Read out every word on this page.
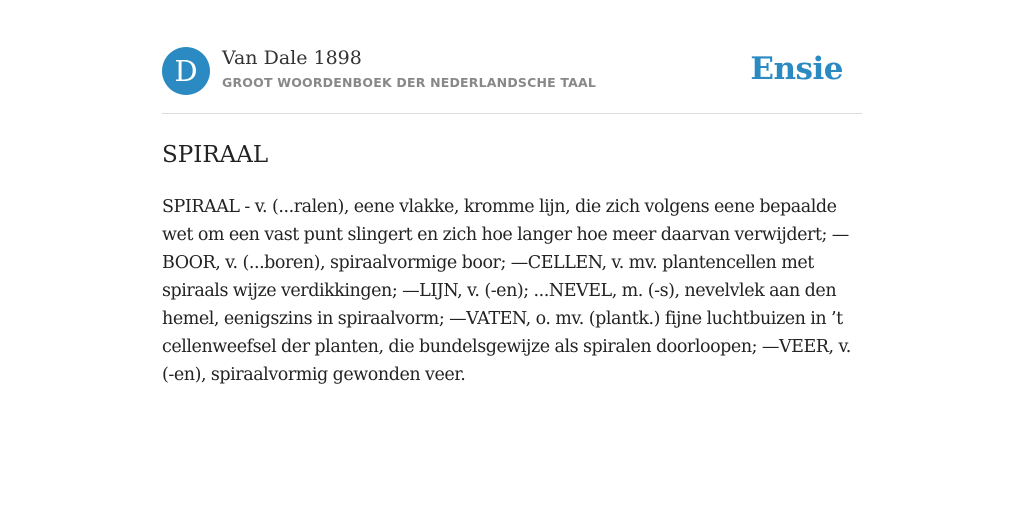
D	Van Dale 1898
GROOT WOORDENBOEK DER NEDERLANDSCHE TAAL	Ensie
SPIRAAL

SPIRAAL - v. (...ralen), eene vlakke, kromme lijn, die zich volgens eene bepaalde wet om een vast punt slingert en zich hoe langer hoe meer daarvan verwijdert; —BOOR, v. (...boren), spiraalvormige boor; —CELLEN, v. mv. plantencellen met spiraals wijze verdikkingen; —LIJN, v. (-en); ...NEVEL, m. (-s), nevelvlek aan den hemel, eenigszins in spiraalvorm; —VATEN, o. mv. (plantk.) fijne luchtbuizen in ’t cellenweefsel der planten, die bundelsgewijze als spiralen doorloopen; —VEER, v. (-en), spiraalvormig gewonden veer.
